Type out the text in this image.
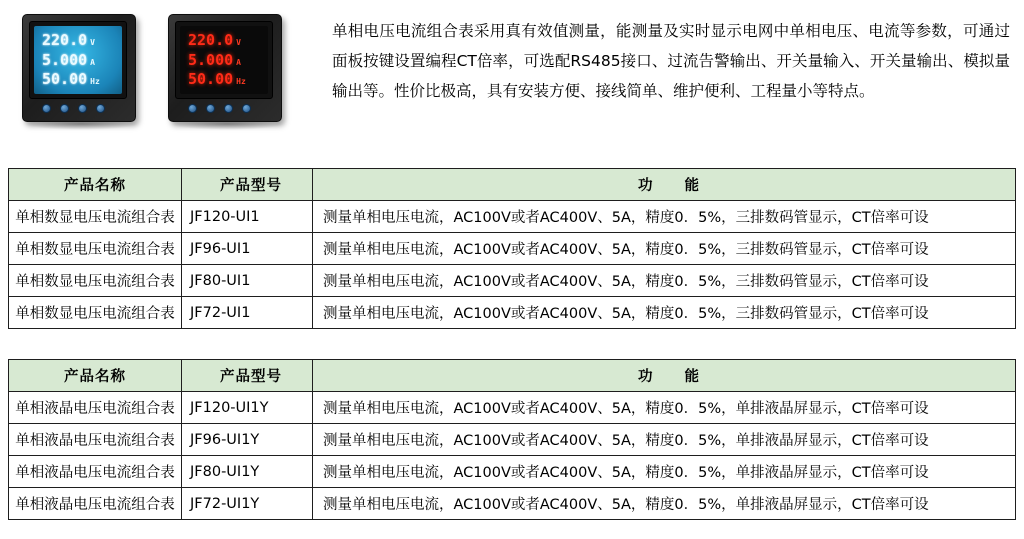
220.0 V
5.000 A
50.00 Hz
220.0 V
5.000 A
50.00 Hz
单相电压电流组合表采用真有效值测量，能测量及实时显示电网中单相电压、电流等参数，可通过面板按键设置编程CT倍率，可选配RS485接口、过流告警输出、开关量输入、开关量输出、模拟量输出等。性价比极高，具有安装方便、接线简单、维护便利、工程量小等特点。
产品名称	产品型号	功　　能
单相数显电压电流组合表	JF120-UI1	测量单相电压电流，AC100V或者AC400V、5A，精度0．5%，三排数码管显示，CT倍率可设
单相数显电压电流组合表	JF96-UI1	测量单相电压电流，AC100V或者AC400V、5A，精度0．5%，三排数码管显示，CT倍率可设
单相数显电压电流组合表	JF80-UI1	测量单相电压电流，AC100V或者AC400V、5A，精度0．5%，三排数码管显示，CT倍率可设
单相数显电压电流组合表	JF72-UI1	测量单相电压电流，AC100V或者AC400V、5A，精度0．5%，三排数码管显示，CT倍率可设
产品名称	产品型号	功　　能
单相液晶电压电流组合表	JF120-UI1Y	测量单相电压电流，AC100V或者AC400V、5A，精度0．5%，单排液晶屏显示，CT倍率可设
单相液晶电压电流组合表	JF96-UI1Y	测量单相电压电流，AC100V或者AC400V、5A，精度0．5%，单排液晶屏显示，CT倍率可设
单相液晶电压电流组合表	JF80-UI1Y	测量单相电压电流，AC100V或者AC400V、5A，精度0．5%，单排液晶屏显示，CT倍率可设
单相液晶电压电流组合表	JF72-UI1Y	测量单相电压电流，AC100V或者AC400V、5A，精度0．5%，单排液晶屏显示，CT倍率可设
